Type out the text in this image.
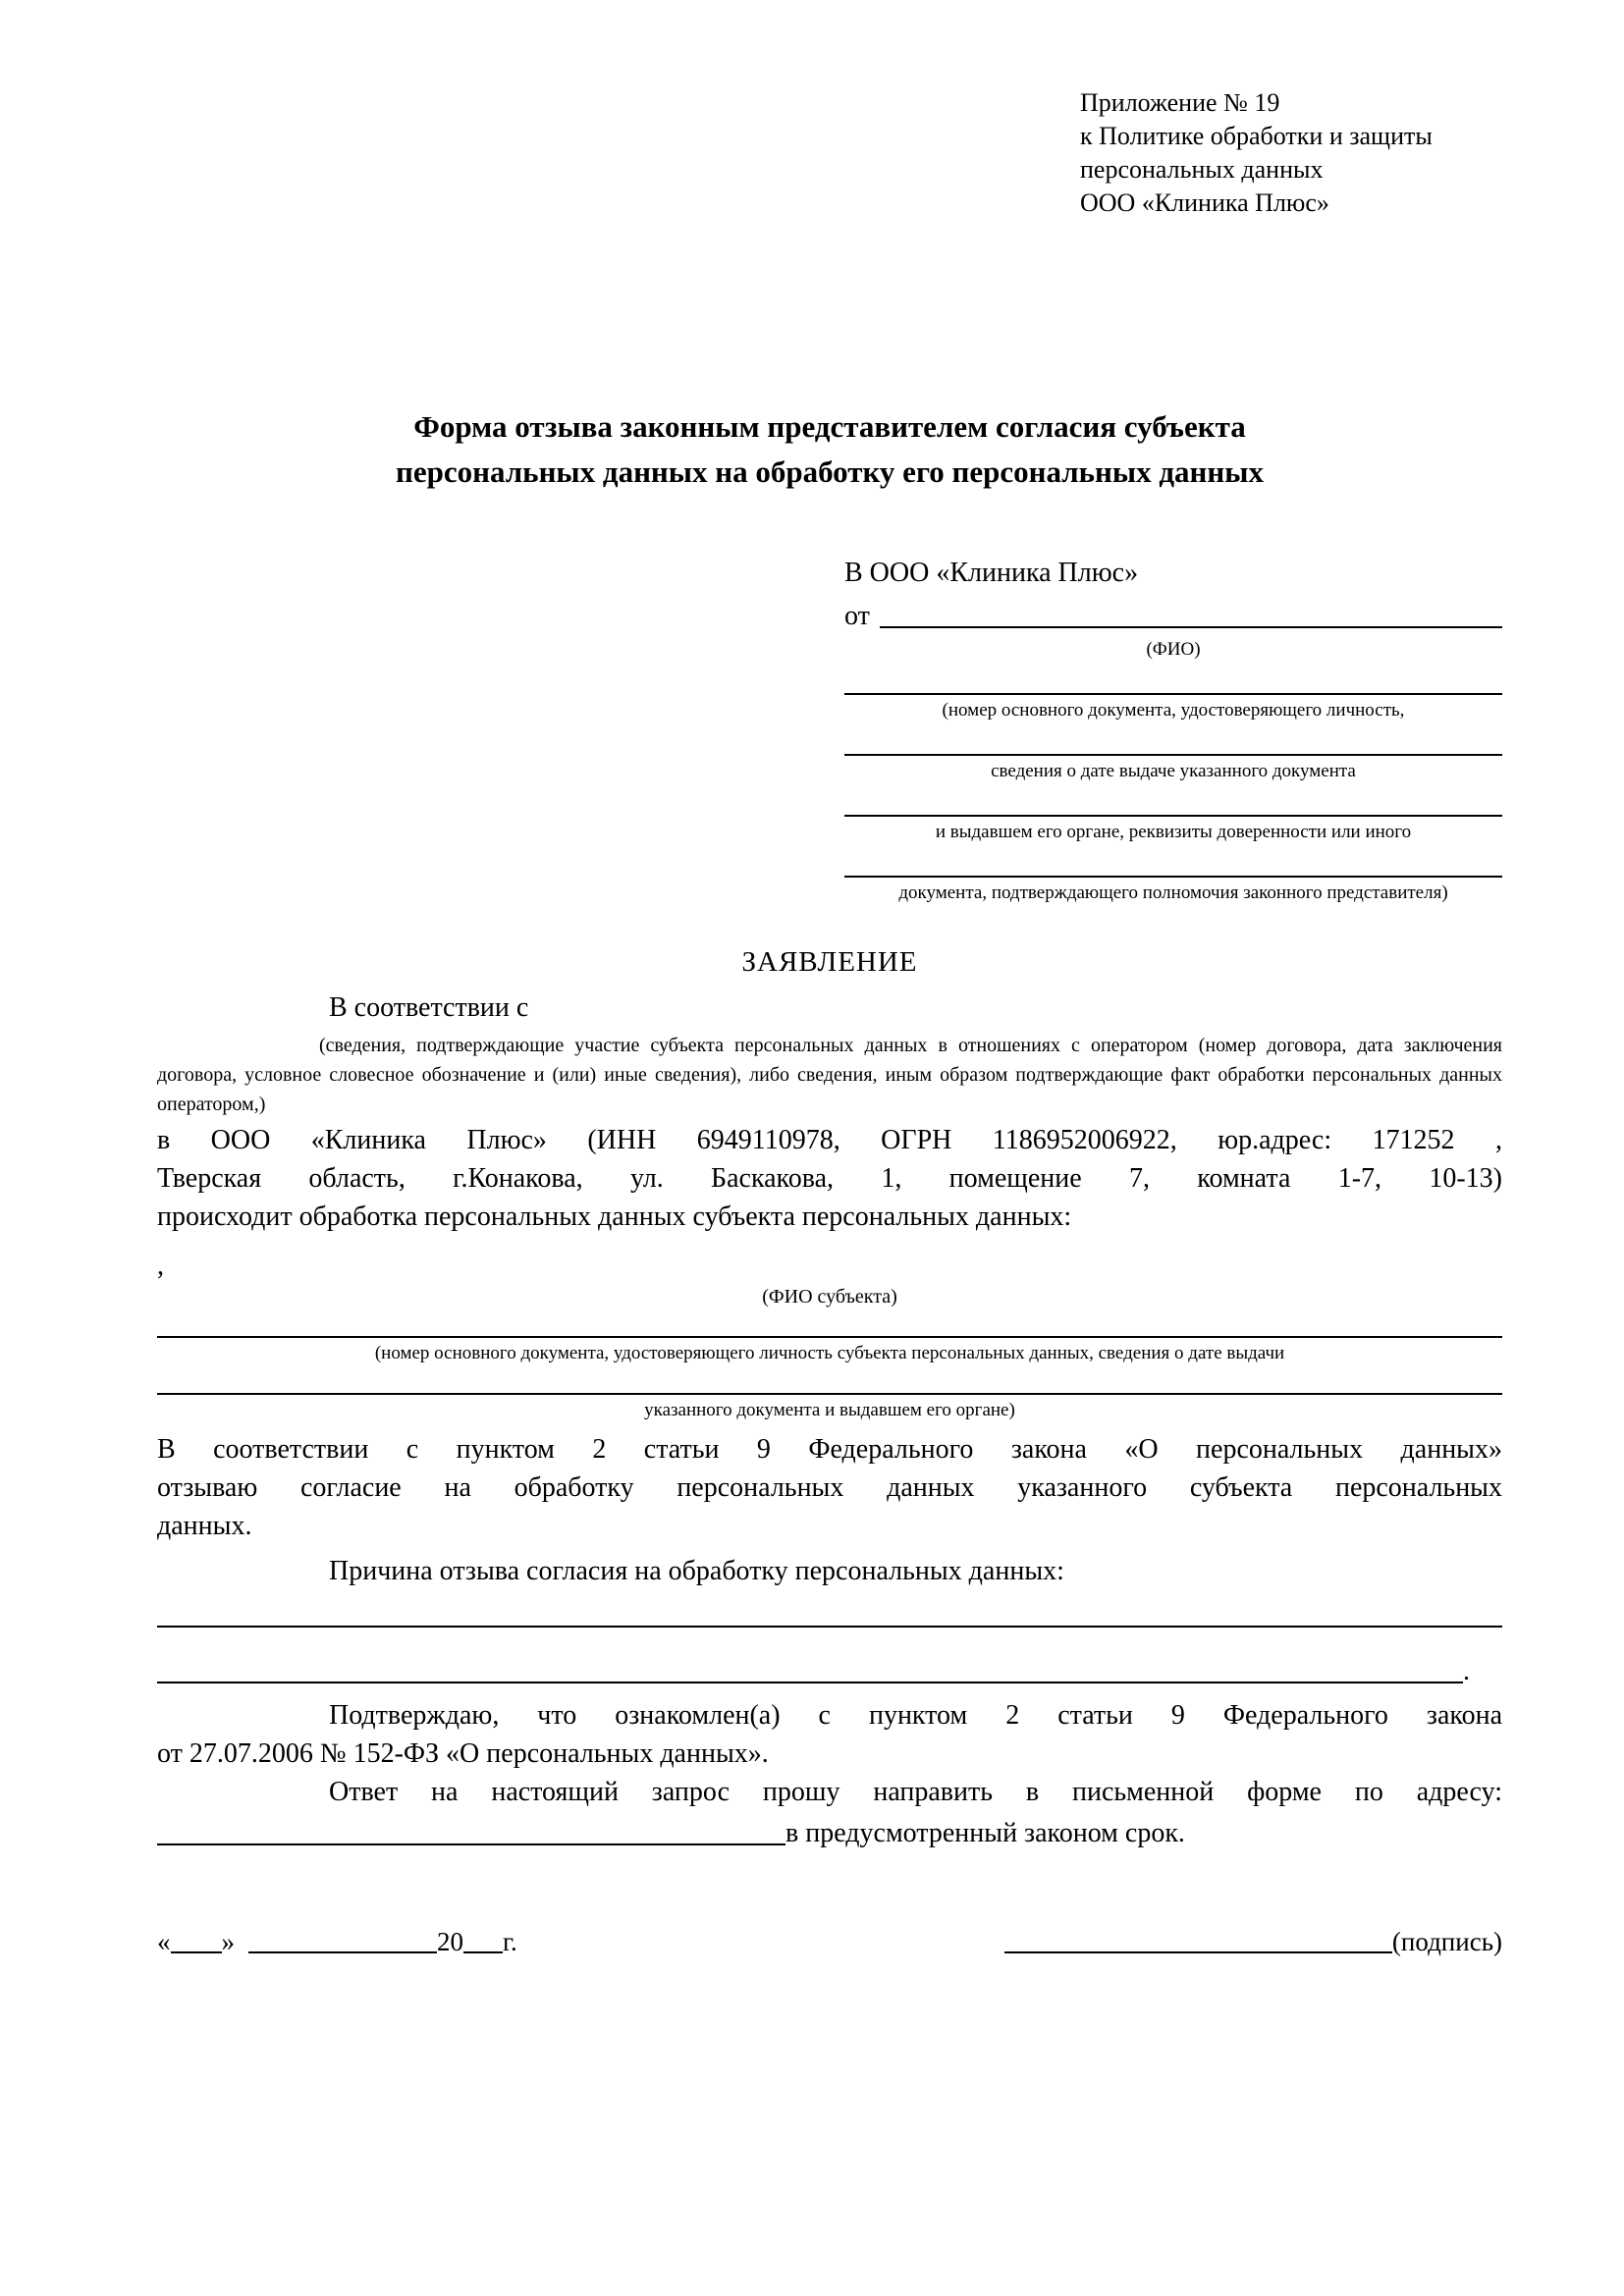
Приложение № 19
к Политике обработки и защиты
персональных данных
ООО «Клиника Плюс»
Форма отзыва законным представителем согласия субъекта
персональных данных на обработку его персональных данных
В ООО «Клиника Плюс»
от
(ФИО)
(номер основного документа, удостоверяющего личность,
сведения о дате выдаче указанного документа
и выдавшем его органе, реквизиты доверенности или иного
документа, подтверждающего полномочия законного представителя)
ЗАЯВЛЕНИЕ
В соответствии с
(сведения, подтверждающие участие субъекта персональных данных в отношениях с оператором (номер договора, дата заключения договора, условное словесное обозначение и (или) иные сведения), либо сведения, иным образом подтверждающие факт обработки персональных данных оператором,)
в ООО «Клиника Плюс» (ИНН 6949110978, ОГРН 1186952006922, юр.адрес: 171252 ,
Тверская область, г.Конакова, ул. Баскакова, 1, помещение 7, комната 1-7, 10-13)
происходит обработка персональных данных субъекта персональных данных:
,
(ФИО субъекта)
(номер основного документа, удостоверяющего личность субъекта персональных данных, сведения о дате выдачи
указанного документа и выдавшем его органе)
В соответствии с пунктом 2 статьи 9 Федерального закона «О персональных данных»
отзываю согласие на обработку персональных данных указанного субъекта персональных
данных.
Причина отзыва согласия на обработку персональных данных:
.
Подтверждаю, что ознакомлен(а) с пунктом 2 статьи 9 Федерального закона
от 27.07.2006 № 152-ФЗ «О персональных данных».
Ответ на настоящий запрос прошу направить в письменной форме по адресу:
в предусмотренный законом срок.
« »	20 г.	(подпись)
